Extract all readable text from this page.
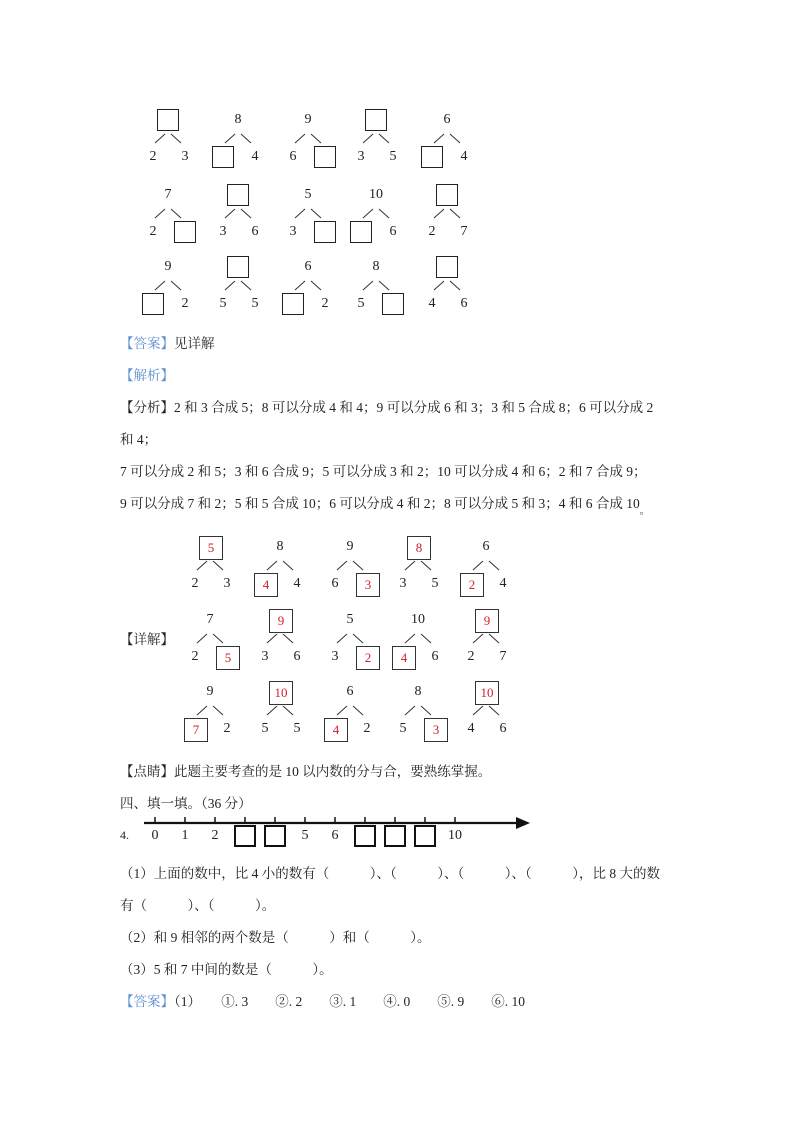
【答案】见详解
【解析】
【分析】2 和 3 合成 5；8 可以分成 4 和 4；9 可以分成 6 和 3；3 和 5 合成 8；6 可以分成 2
和 4；
7 可以分成 2 和 5；3 和 6 合成 9；5 可以分成 3 和 2；10 可以分成 4 和 6；2 和 7 合成 9；
9 可以分成 7 和 2；5 和 5 合成 10；6 可以分成 4 和 2；8 可以分成 5 和 3；4 和 6 合成 $10_。$
【详解】
【点睛】此题主要考查的是 10 以内数的分与合，要熟练掌握。
四、填一填。（36 分）
4.
（1）上面的数中，比 4 小的数有（　　　）、（　　　）、（　　　）、（　　　），比 8 大的数
有（　　　）、（　　　）。
（2）和 9 相邻的两个数是（　　　）和（　　　）。
（3）5 和 7 中间的数是（　　　）。
【答案】（1）　　①. 3　　②. 2　　③. 1　　④. 0　　⑤. 9　　⑥. 10
2	3
8
4
9
6	3	5
6
4
7
2	3	6
5
3
10
6	2	7
9
2	5	5
6
2
8
5	4	6
5
2	3
8
4	4
9
6	3
8
3	5
6
2	4
7
2	5
9
3	6
5
3	2
10
4	6
9
2	7
9
7	2
10
5	5
6
4	2
8
5	3
10
4	6
0	1	2	5	6	10
